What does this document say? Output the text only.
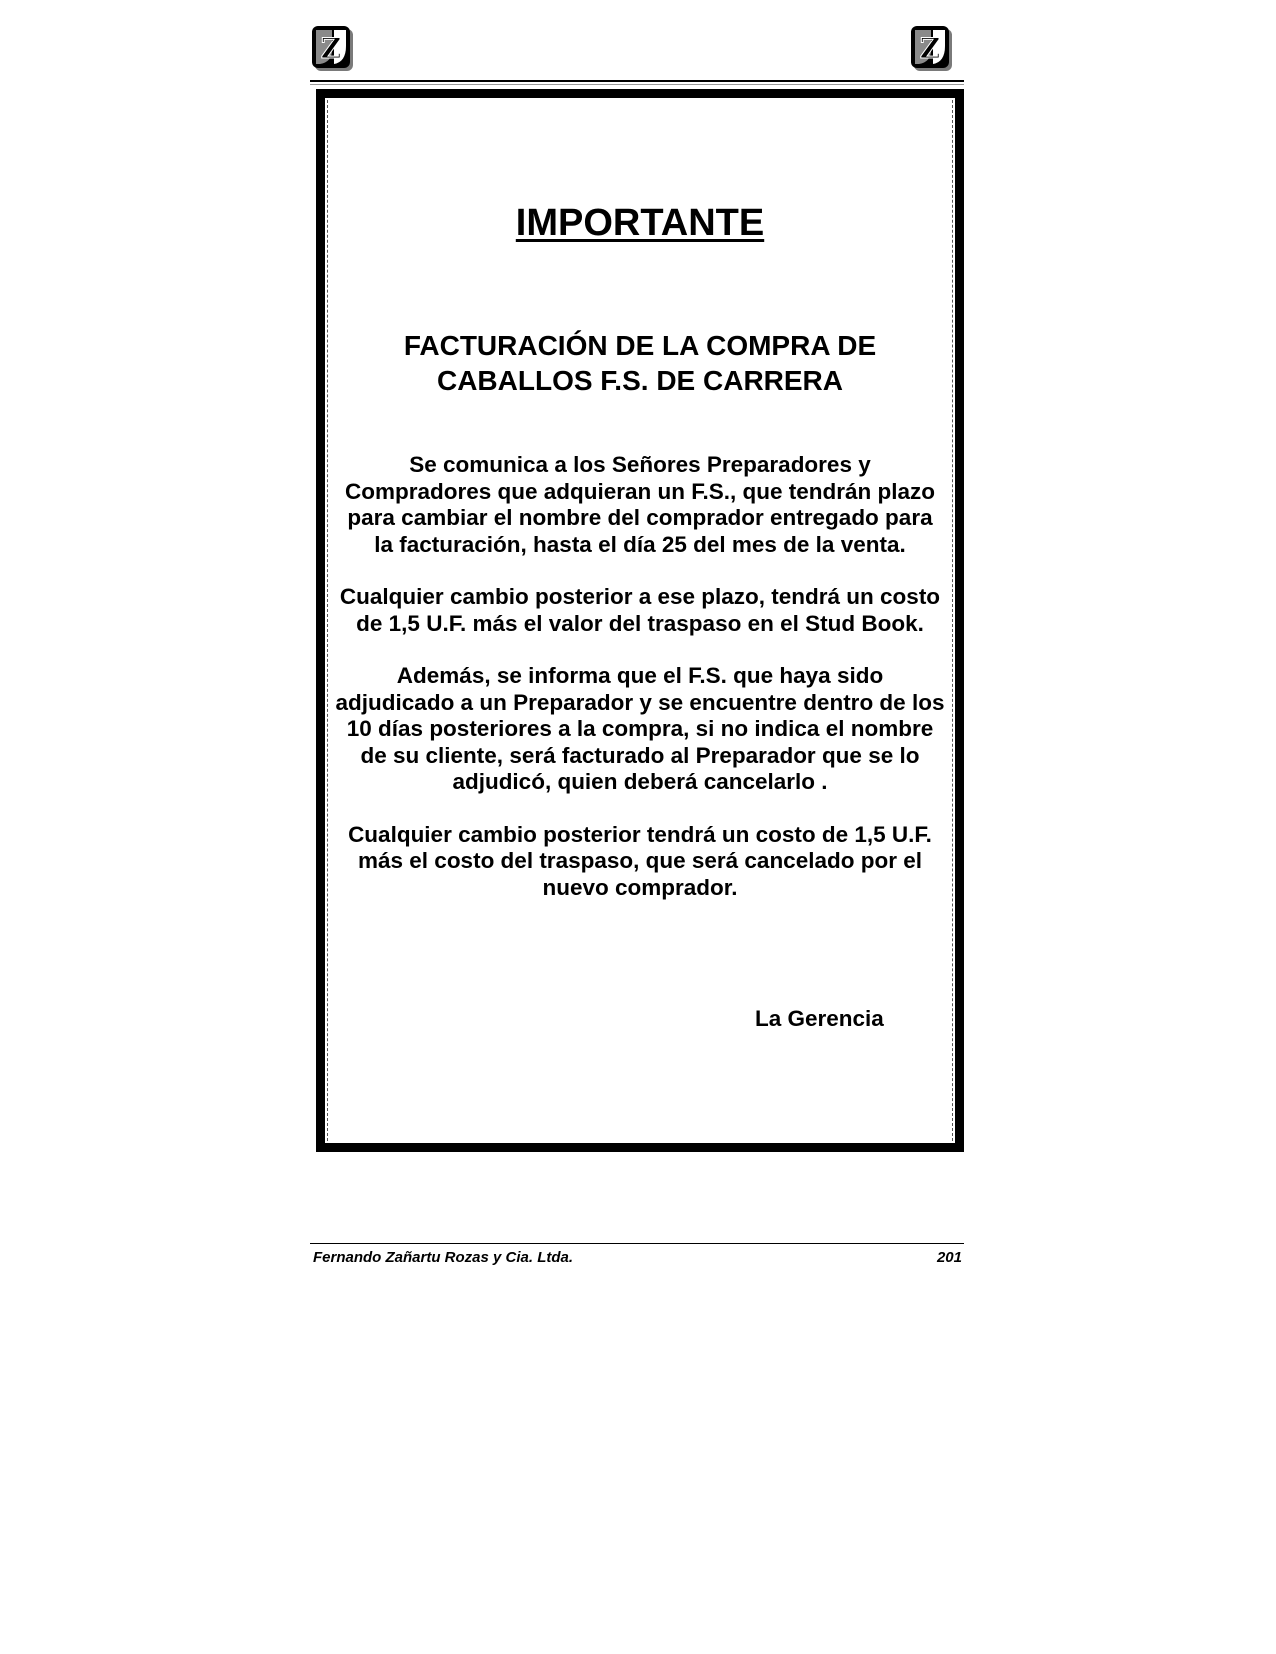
Z	Z
IMPORTANTE
FACTURACIÓN DE LA COMPRA DE
CABALLOS F.S. DE CARRERA

Se comunica a los Señores Preparadores y
Compradores que adquieran un F.S., que tendrán plazo
para cambiar el nombre del comprador entregado para
la facturación, hasta el día 25 del mes de la venta.

Cualquier cambio posterior a ese plazo, tendrá un costo
de 1,5 U.F. más el valor del traspaso en el Stud Book.

Además, se informa que el F.S. que haya sido
adjudicado a un Preparador y se encuentre dentro de los
10 días posteriores a la compra, si no indica el nombre
de su cliente, será facturado al Preparador que se lo
adjudicó, quien deberá cancelarlo .

Cualquier cambio posterior tendrá un costo de 1,5 U.F.
más el costo del traspaso, que será cancelado por el
nuevo comprador.

La Gerencia
Fernando Zañartu Rozas y Cia. Ltda.	201
